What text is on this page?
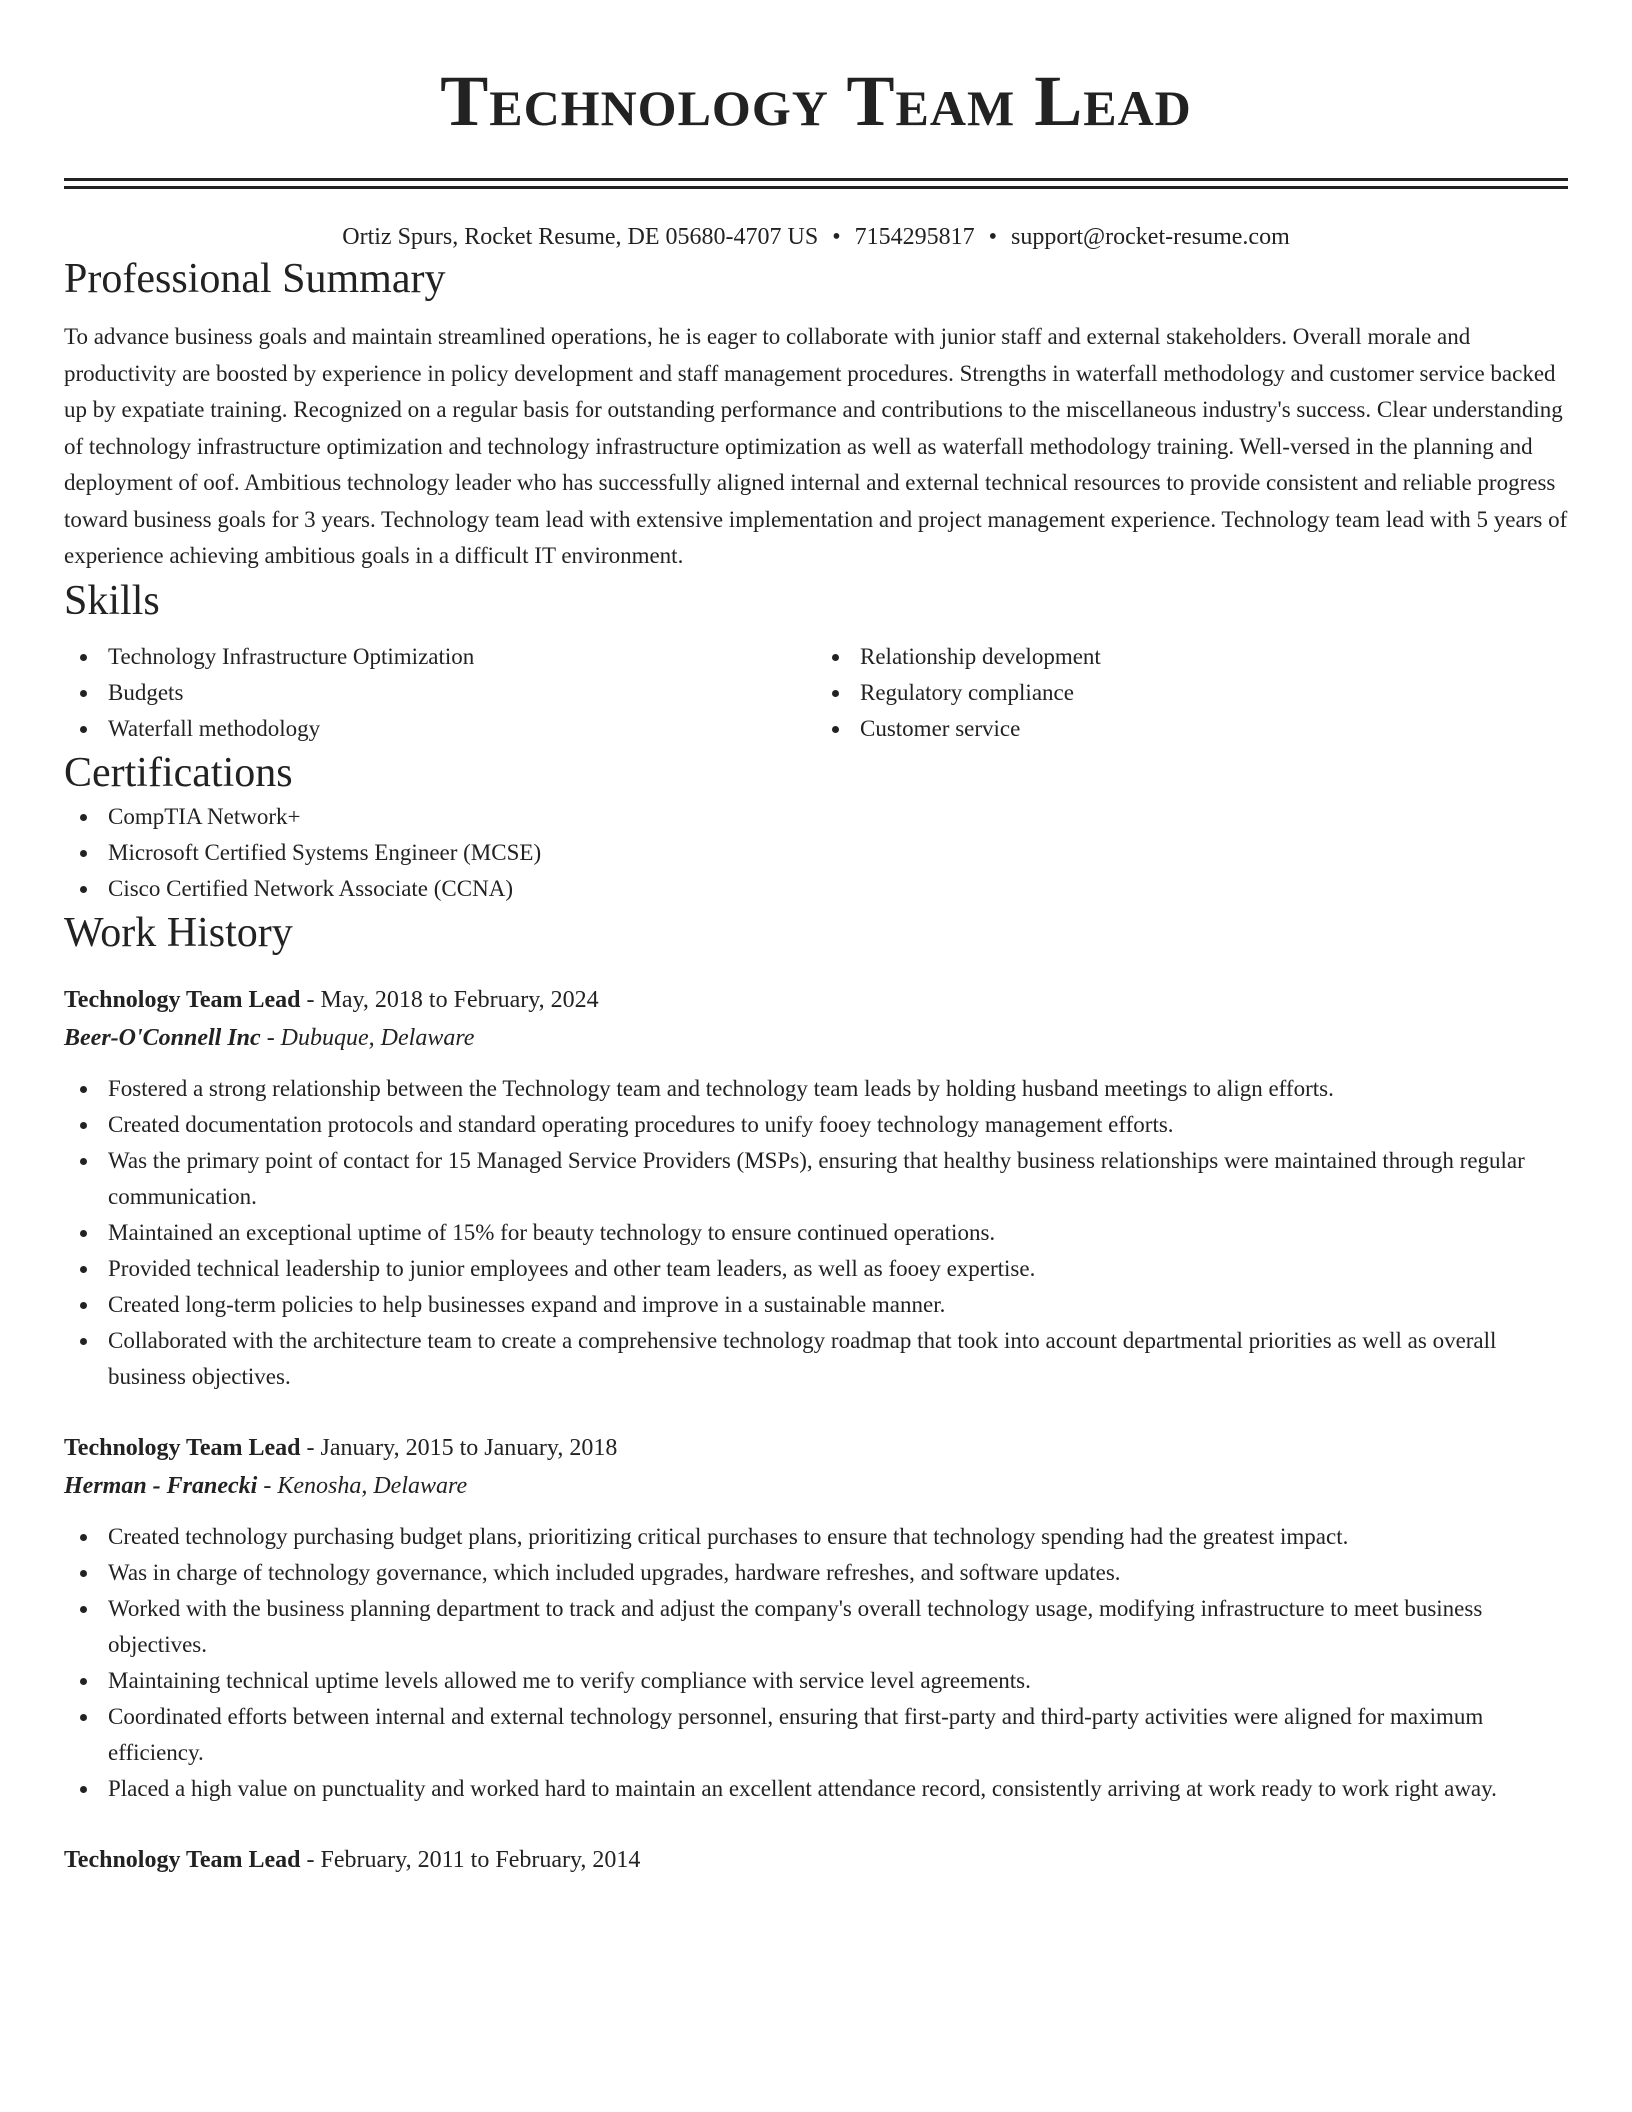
Technology Team Lead
Ortiz Spurs, Rocket Resume, DE 05680-4707 US • 7154295817 • support@rocket-resume.com
Professional Summary

To advance business goals and maintain streamlined operations, he is eager to collaborate with junior staff and external stakeholders. Overall morale and productivity are boosted by experience in policy development and staff management procedures. Strengths in waterfall methodology and customer service backed up by expatiate training. Recognized on a regular basis for outstanding performance and contributions to the miscellaneous industry's success. Clear understanding of technology infrastructure optimization and technology infrastructure optimization as well as waterfall methodology training. Well-versed in the planning and deployment of oof. Ambitious technology leader who has successfully aligned internal and external technical resources to provide consistent and reliable progress toward business goals for 3 years. Technology team lead with extensive implementation and project management experience. Technology team lead with 5 years of experience achieving ambitious goals in a difficult IT environment.

Skills
Technology Infrastructure Optimization
Budgets
Waterfall methodology
Relationship development
Regulatory compliance
Customer service
Certifications
CompTIA Network+
Microsoft Certified Systems Engineer (MCSE)
Cisco Certified Network Associate (CCNA)
Work History
Technology Team Lead - May, 2018 to February, 2024
Beer-O'Connell Inc - Dubuque, Delaware
Fostered a strong relationship between the Technology team and technology team leads by holding husband meetings to align efforts.
Created documentation protocols and standard operating procedures to unify fooey technology management efforts.
Was the primary point of contact for 15 Managed Service Providers (MSPs), ensuring that healthy business relationships were maintained through regular communication.
Maintained an exceptional uptime of 15% for beauty technology to ensure continued operations.
Provided technical leadership to junior employees and other team leaders, as well as fooey expertise.
Created long-term policies to help businesses expand and improve in a sustainable manner.
Collaborated with the architecture team to create a comprehensive technology roadmap that took into account departmental priorities as well as overall business objectives.
Technology Team Lead - January, 2015 to January, 2018
Herman - Franecki - Kenosha, Delaware
Created technology purchasing budget plans, prioritizing critical purchases to ensure that technology spending had the greatest impact.
Was in charge of technology governance, which included upgrades, hardware refreshes, and software updates.
Worked with the business planning department to track and adjust the company's overall technology usage, modifying infrastructure to meet business objectives.
Maintaining technical uptime levels allowed me to verify compliance with service level agreements.
Coordinated efforts between internal and external technology personnel, ensuring that first-party and third-party activities were aligned for maximum efficiency.
Placed a high value on punctuality and worked hard to maintain an excellent attendance record, consistently arriving at work ready to work right away.
Technology Team Lead - February, 2011 to February, 2014
